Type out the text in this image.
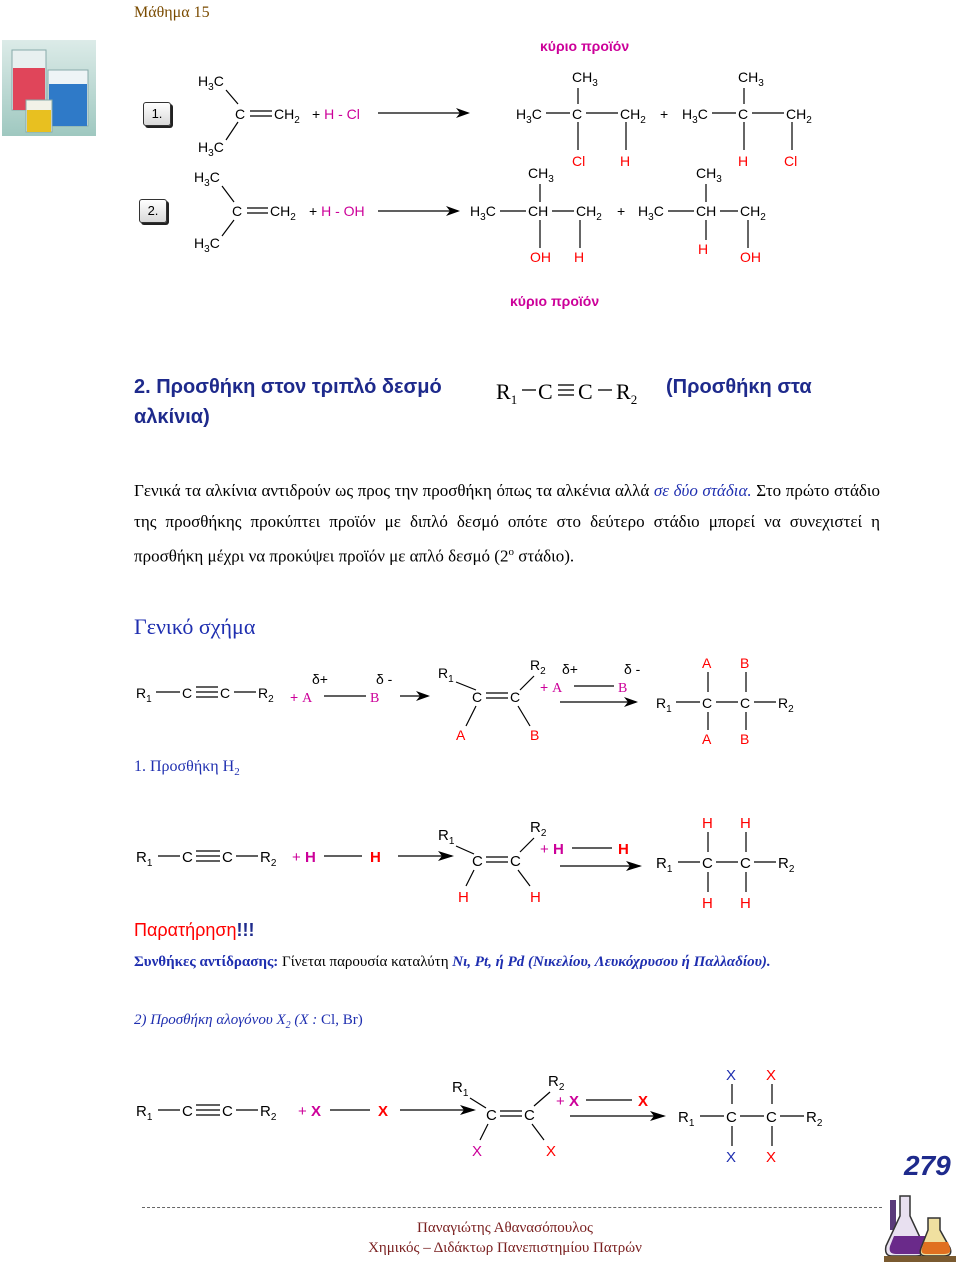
Μάθημα 15
κύριο προϊόν
$H_3C$
$H_3C$
C $CH_2 + H - Cl$	$H_3C$ C
$CH_3$
Cl
$CH_2$
H
+ $H_3C$ C
$CH_3$
H
$CH_2$
Cl
$H_3C$
$H_3C$
C $CH_2 + H$ - OH	$H_3C$ CH
$CH_3$
OH
$CH_2$
H
+ $H_3C$ CH
$CH_3$
H
$CH_2$
OH
κύριο προϊόν
1.
2.
2. Προσθήκη στον τριπλό δεσμό $R_1$ C C $R_2$
(Προσθήκη στα
αλκίνια)
Γενικά τα αλκίνια αντιδρούν ως προς την προσθήκη όπως τα αλκένια αλλά σε δύο στάδια. Στο πρώτο στάδιο της προσθήκης προκύπτει προϊόν με διπλό δεσμό οπότε στο δεύτερο στάδιο μπορεί να συνεχιστεί η προσθήκη μέχρι να προκύψει προϊόν με απλό δεσμό ($2^o$ στάδιο).
Γενικό σχήμα
$R_1$ C C $R_2$
δ+	δ -
+ A	B
$R_1$
C C
$R_2$
A	B
δ+	δ -
+ A	B
$R_1$ C C $R_2$
A B
A B
1. Προσθήκη $H_2$
$R_1$ C C $R_2 + H$	H
$R_1$
C C
$R_2$
H	H
+ H	H
$R_1$ C C $R_2$
H H
H H
Παρατήρηση!!!
Συνθήκες αντίδρασης: Γίνεται παρουσία καταλύτη Νι, Pt, ή Pd (Νικελίου, Λευκόχρυσου ή Παλλαδίου).
2) Προσθήκη αλογόνου $X_2$ (X : Cl, Br)
$R_1$ C C $R_2 + X$	X
$R_1$
C C
$R_2$
X	X
+ X	X
$R_1$ C C $R_2$
X X
X X	279
Παναγιώτης Αθανασόπουλος
Χημικός – Διδάκτωρ Πανεπιστημίου Πατρών
